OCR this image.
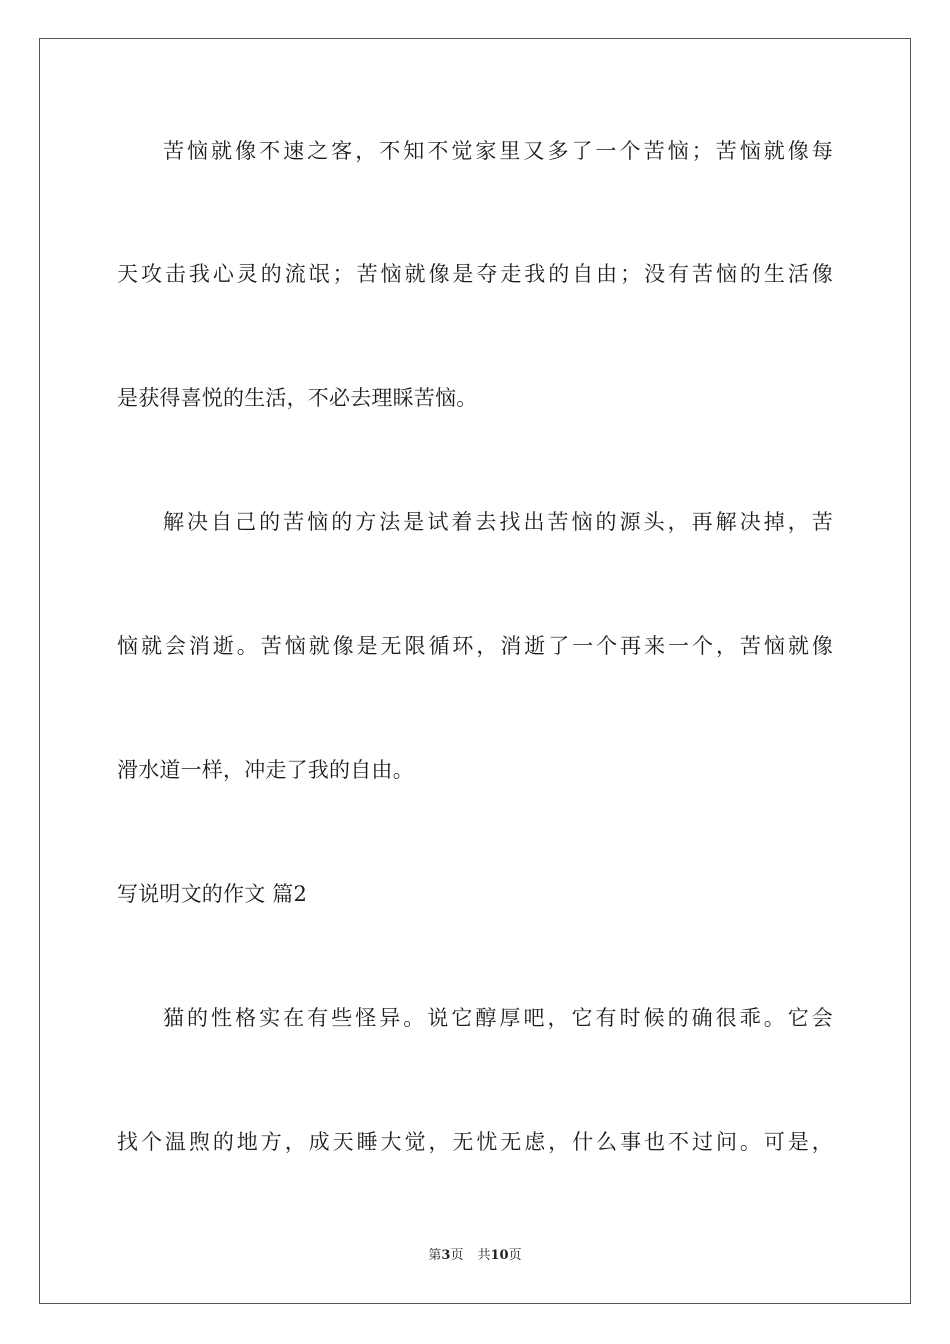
苦恼就像不速之客，不知不觉家里又多了一个苦恼；苦恼就像每
天攻击我心灵的流氓；苦恼就像是夺走我的自由；没有苦恼的生活像
是获得喜悦的生活，不必去理睬苦恼。
解决自己的苦恼的方法是试着去找出苦恼的源头，再解决掉，苦
恼就会消逝。苦恼就像是无限循环，消逝了一个再来一个，苦恼就像
滑水道一样，冲走了我的自由。
写说明文的作文 篇2
猫的性格实在有些怪异。说它醇厚吧，它有时候的确很乖。它会
找个温煦的地方，成天睡大觉，无忧无虑，什么事也不过问。可是，
第3页 共10页
